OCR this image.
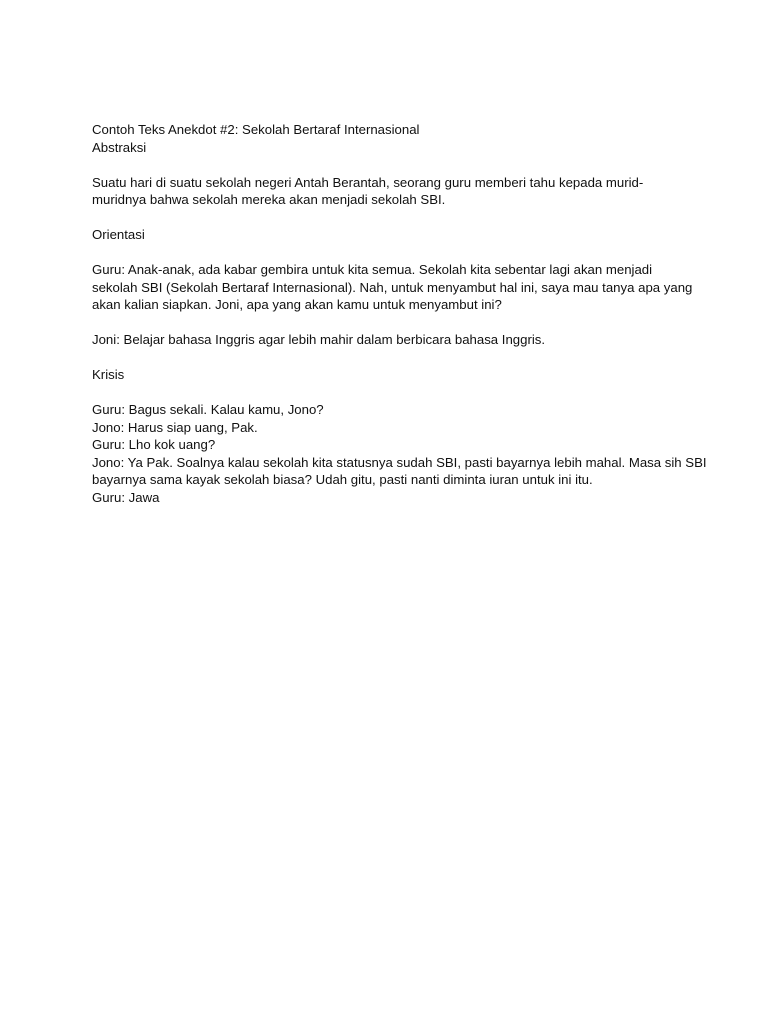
Contoh Teks Anekdot #2: Sekolah Bertaraf Internasional

Abstraksi

Suatu hari di suatu sekolah negeri Antah Berantah, seorang guru memberi tahu kepada murid-

muridnya bahwa sekolah mereka akan menjadi sekolah SBI.

Orientasi

Guru: Anak-anak, ada kabar gembira untuk kita semua. Sekolah kita sebentar lagi akan menjadi

sekolah SBI (Sekolah Bertaraf Internasional). Nah, untuk menyambut hal ini, saya mau tanya apa yang

akan kalian siapkan. Joni, apa yang akan kamu untuk menyambut ini?

Joni: Belajar bahasa Inggris agar lebih mahir dalam berbicara bahasa Inggris.

Krisis

Guru: Bagus sekali. Kalau kamu, Jono?

Jono: Harus siap uang, Pak.

Guru: Lho kok uang?

Jono: Ya Pak. Soalnya kalau sekolah kita statusnya sudah SBI, pasti bayarnya lebih mahal. Masa sih SBI

bayarnya sama kayak sekolah biasa? Udah gitu, pasti nanti diminta iuran untuk ini itu.

Guru: Jawa
